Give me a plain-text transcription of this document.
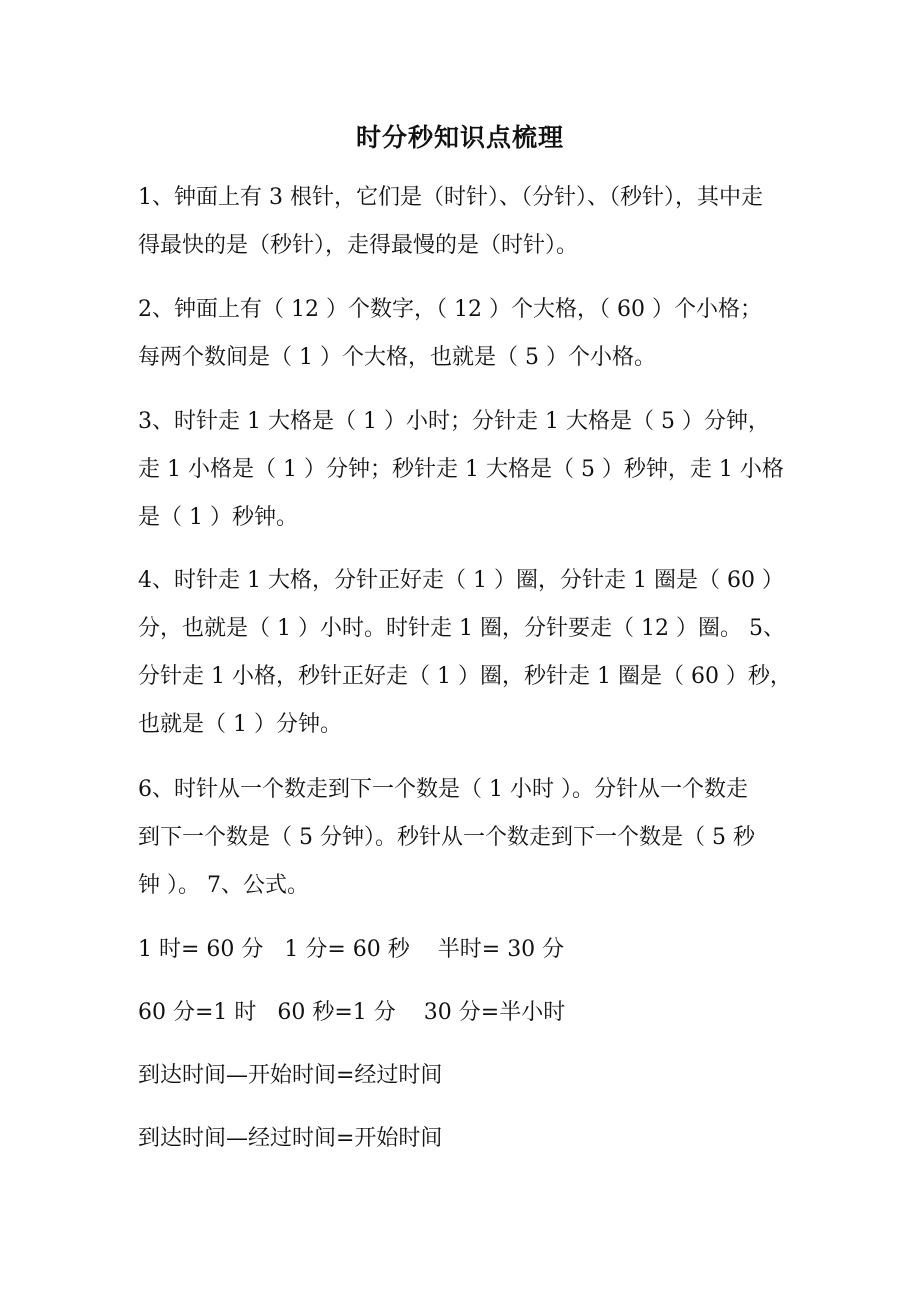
时分秒知识点梳理
1、钟面上有 3 根针，它们是（时针）、（分针）、（秒针），其中走
得最快的是（秒针），走得最慢的是（时针）。
2、钟面上有（ 12 ）个数字，（ 12 ）个大格，（ 60 ）个小格；
每两个数间是（ 1 ）个大格，也就是（ 5 ）个小格。
3、时针走 1 大格是（ 1 ）小时；分针走 1 大格是（ 5 ）分钟，
走 1 小格是（ 1 ）分钟；秒针走 1 大格是（ 5 ）秒钟，走 1 小格
是（ 1 ）秒钟。
4、时针走 1 大格，分针正好走（ 1 ）圈，分针走 1 圈是（ 60 ）
分，也就是（ 1 ）小时。时针走 1 圈，分针要走（ 12 ）圈。 5、
分针走 1 小格，秒针正好走（ 1 ）圈，秒针走 1 圈是（ 60 ）秒，
也就是（ 1 ）分钟。
6、时针从一个数走到下一个数是（ 1 小时 ）。分针从一个数走
到下一个数是（ 5 分钟）。秒针从一个数走到下一个数是（ 5 秒
钟 ）。 7、公式。

1 时= 60 分   1 分= 60 秒    半时= 30 分

60 分=1 时   60 秒=1 分    30 分=半小时

到达时间—开始时间=经过时间

到达时间—经过时间=开始时间
